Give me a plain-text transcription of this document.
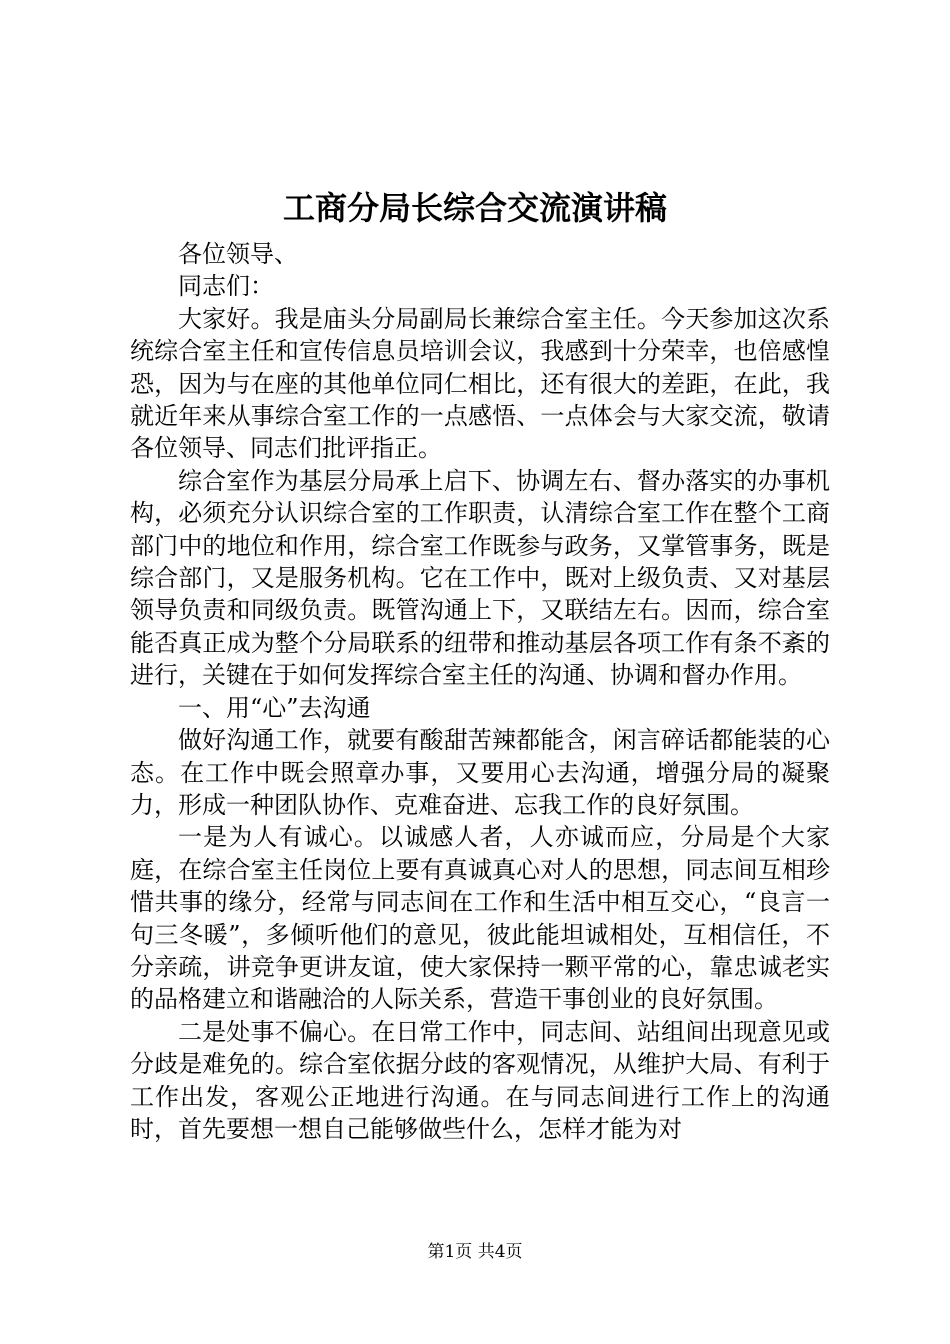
工商分局长综合交流演讲稿

各位领导、

同志们：

大家好。我是庙头分局副局长兼综合室主任。今天参加这次系统综合室主任和宣传信息员培训会议，我感到十分荣幸，也倍感惶恐，因为与在座的其他单位同仁相比，还有很大的差距，在此，我就近年来从事综合室工作的一点感悟、一点体会与大家交流，敬请各位领导、同志们批评指正。

综合室作为基层分局承上启下、协调左右、督办落实的办事机构，必须充分认识综合室的工作职责，认清综合室工作在整个工商部门中的地位和作用，综合室工作既参与政务，又掌管事务，既是综合部门，又是服务机构。它在工作中，既对上级负责、又对基层领导负责和同级负责。既管沟通上下，又联结左右。因而，综合室能否真正成为整个分局联系的纽带和推动基层各项工作有条不紊的进行，关键在于如何发挥综合室主任的沟通、协调和督办作用。

一、用“心”去沟通

做好沟通工作，就要有酸甜苦辣都能含，闲言碎话都能装的心态。在工作中既会照章办事，又要用心去沟通，增强分局的凝聚力，形成一种团队协作、克难奋进、忘我工作的良好氛围。

一是为人有诚心。以诚感人者，人亦诚而应，分局是个大家庭，在综合室主任岗位上要有真诚真心对人的思想，同志间互相珍惜共事的缘分，经常与同志间在工作和生活中相互交心，“良言一句三冬暖”，多倾听他们的意见，彼此能坦诚相处，互相信任，不分亲疏，讲竞争更讲友谊，使大家保持一颗平常的心，靠忠诚老实的品格建立和谐融洽的人际关系，营造干事创业的良好氛围。

二是处事不偏心。在日常工作中，同志间、站组间出现意见或分歧是难免的。综合室依据分歧的客观情况，从维护大局、有利于工作出发，客观公正地进行沟通。在与同志间进行工作上的沟通时，首先要想一想自己能够做些什么，怎样才能为对

第1页 共4页
